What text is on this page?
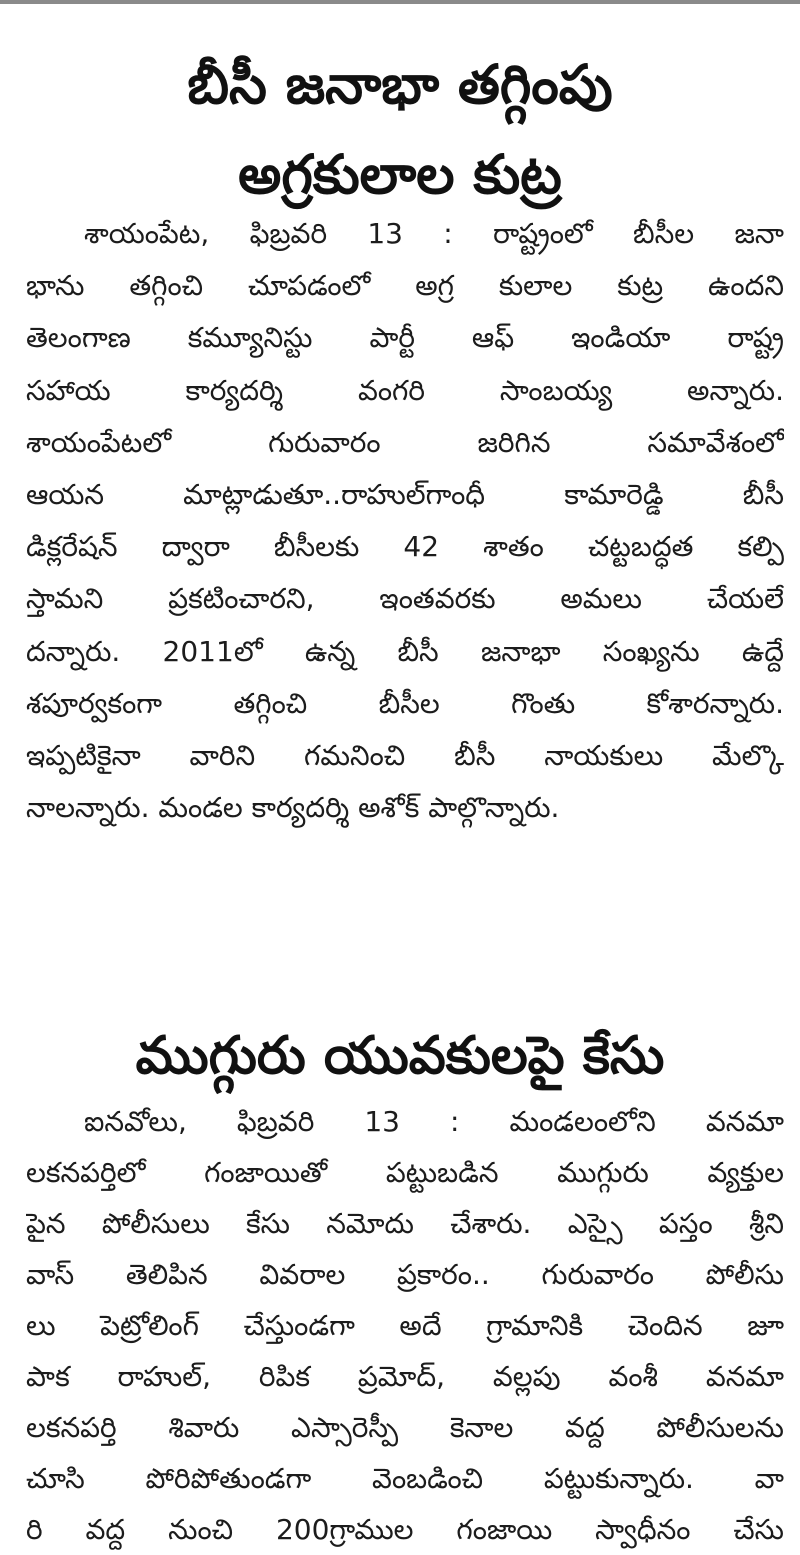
బీసీ జనాభా తగ్గింపు
అగ్రకులాల కుట్ర
శాయంపేట, ఫిబ్రవరి 13 : రాష్ట్రంలో బీసీల జనా
భాను తగ్గించి చూపడంలో అగ్ర కులాల కుట్ర ఉందని
తెలంగాణ కమ్యూనిస్టు పార్టీ ఆఫ్ ఇండియా రాష్ట్ర
సహాయ కార్యదర్శి వంగరి సాంబయ్య అన్నారు.
శాయంపేటలో గురువారం జరిగిన సమావేశంలో
ఆయన మాట్లాడుతూ..రాహుల్‌గాంధీ కామారెడ్డి బీసీ
డిక్లరేషన్ ద్వారా బీసీలకు 42 శాతం చట్టబద్ధత కల్పి
స్తామని ప్రకటించారని, ఇంతవరకు అమలు చేయలే
దన్నారు. 2011లో ఉన్న బీసీ జనాభా సంఖ్యను ఉద్దే
శపూర్వకంగా తగ్గించి బీసీల గొంతు కోశారన్నారు.
ఇప్పటికైనా వారిని గమనించి బీసీ నాయకులు మేల్కొ
నాలన్నారు. మండల కార్యదర్శి అశోక్ పాల్గొన్నారు.
ముగ్గురు యువకులపై కేసు
ఐనవోలు, ఫిబ్రవరి 13 : మండలంలోని వనమా
లకనపర్తిలో గంజాయితో పట్టుబడిన ముగ్గురు వ్యక్తుల
పైన పోలీసులు కేసు నమోదు చేశారు. ఎస్సై పస్తం శ్రీని
వాస్ తెలిపిన వివరాల ప్రకారం.. గురువారం పోలీసు
లు పెట్రోలింగ్ చేస్తుండగా అదే గ్రామానికి చెందిన జూ
పాక రాహుల్, రిపిక ప్రమోద్, వల్లపు వంశీ వనమా
లకనపర్తి శివారు ఎస్సారెస్పీ కెనాల వద్ద పోలీసులను
చూసి పోరిపోతుండగా వెంబడించి పట్టుకున్నారు. వా
రి వద్ద నుంచి 200గ్రాముల గంజాయి స్వాధీనం చేసు
